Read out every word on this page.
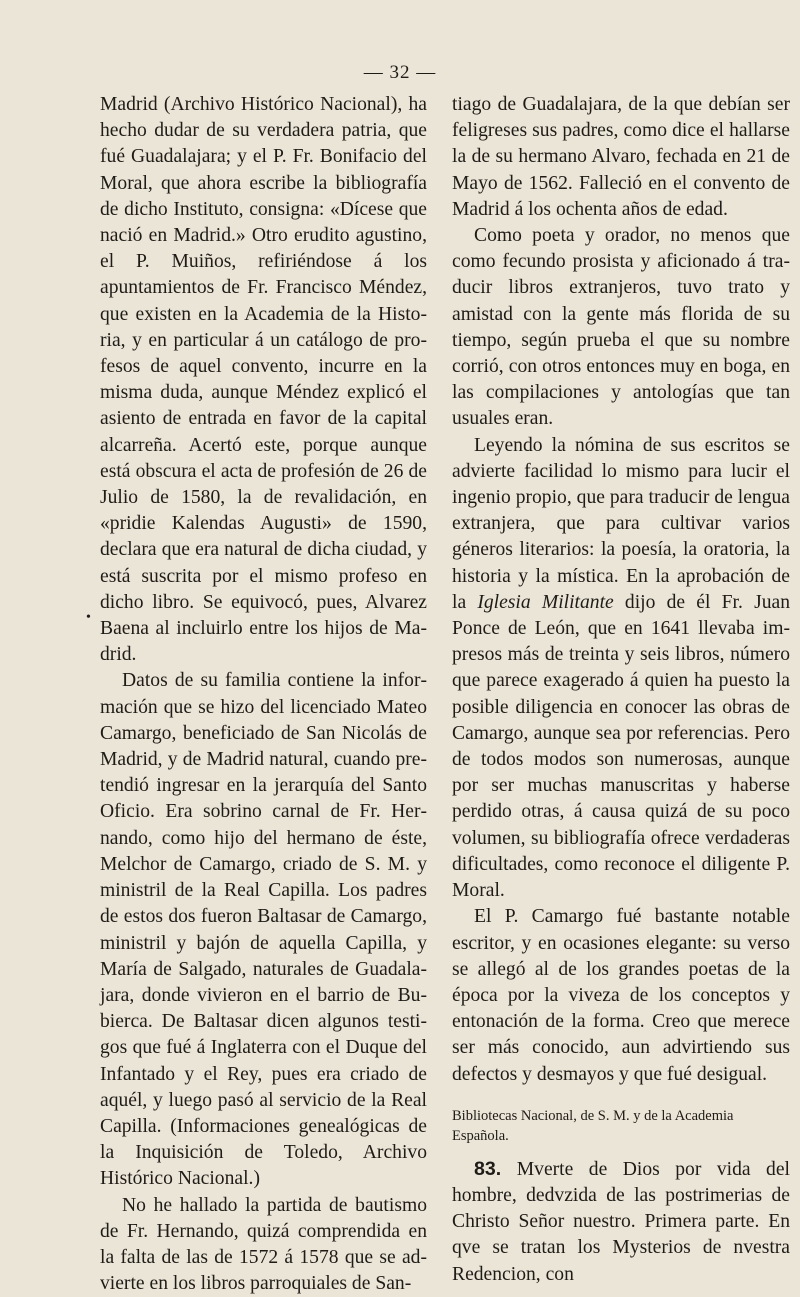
— 32 —
•

Madrid (Archivo Histórico Nacional), ha hecho dudar de su verdadera patria, que fué Guadalajara; y el P. Fr. Bonifacio del Moral, que ahora escribe la bibliografía de dicho Instituto, consigna: «Dícese que nació en Madrid.» Otro erudito agustino, el P. Muiños, refiriéndose á los apuntamientos de Fr. Francisco Méndez, que existen en la Academia de la Historia, y en particular á un catálogo de profesos de aquel convento, incurre en la misma duda, aunque Méndez explicó el asiento de entrada en favor de la capital alcarreña. Acertó este, porque aunque está obscura el acta de profesión de 26 de Julio de 1580, la de revalidación, en «pridie Kalendas Augusti» de 1590, declara que era natural de dicha ciudad, y está suscrita por el mismo profeso en dicho libro. Se equivocó, pues, Alvarez Baena al incluirlo entre los hijos de Madrid.

Datos de su familia contiene la información que se hizo del licenciado Mateo Camargo, beneficiado de San Nicolás de Madrid, y de Madrid natural, cuando pretendió ingresar en la jerarquía del Santo Oficio. Era sobrino carnal de Fr. Hernando, como hijo del hermano de éste, Melchor de Camargo, criado de S. M. y ministril de la Real Capilla. Los padres de estos dos fueron Baltasar de Camargo, ministril y bajón de aquella Capilla, y María de Salgado, naturales de Guadalajara, donde vivieron en el barrio de Bubierca. De Baltasar dicen algunos testigos que fué á Inglaterra con el Duque del Infantado y el Rey, pues era criado de aquél, y luego pasó al servicio de la Real Capilla. (Informaciones genealógicas de la Inquisición de Toledo, Archivo Histórico Nacional.)

No he hallado la partida de bautismo de Fr. Hernando, quizá comprendida en la falta de las de 1572 á 1578 que se advierte en los libros parroquiales de San-

tiago de Guadalajara, de la que debían ser feligreses sus padres, como dice el hallarse la de su hermano Alvaro, fechada en 21 de Mayo de 1562. Falleció en el convento de Madrid á los ochenta años de edad.

Como poeta y orador, no menos que como fecundo prosista y aficionado á traducir libros extranjeros, tuvo trato y amistad con la gente más florida de su tiempo, según prueba el que su nombre corrió, con otros entonces muy en boga, en las compilaciones y antologías que tan usuales eran.

Leyendo la nómina de sus escritos se advierte facilidad lo mismo para lucir el ingenio propio, que para traducir de lengua extranjera, que para cultivar varios géneros literarios: la poesía, la oratoria, la historia y la mística. En la aprobación de la Iglesia Militante dijo de él Fr. Juan Ponce de León, que en 1641 llevaba impresos más de treinta y seis libros, número que parece exagerado á quien ha puesto la posible diligencia en conocer las obras de Camargo, aunque sea por referencias. Pero de todos modos son numerosas, aunque por ser muchas manuscritas y haberse perdido otras, á causa quizá de su poco volumen, su bibliografía ofrece verdaderas dificultades, como reconoce el diligente P. Moral.

El P. Camargo fué bastante notable escritor, y en ocasiones elegante: su verso se allegó al de los grandes poetas de la época por la viveza de los conceptos y entonación de la forma. Creo que merece ser más conocido, aun advirtiendo sus defectos y desmayos y que fué desigual.

Bibliotecas Nacional, de S. M. y de la Academia Española.

83. Mverte de Dios por vida del hombre, dedvzida de las postrimerias de Christo Señor nuestro. Primera parte. En qve se tratan los Mysterios de nvestra Redencion, con
